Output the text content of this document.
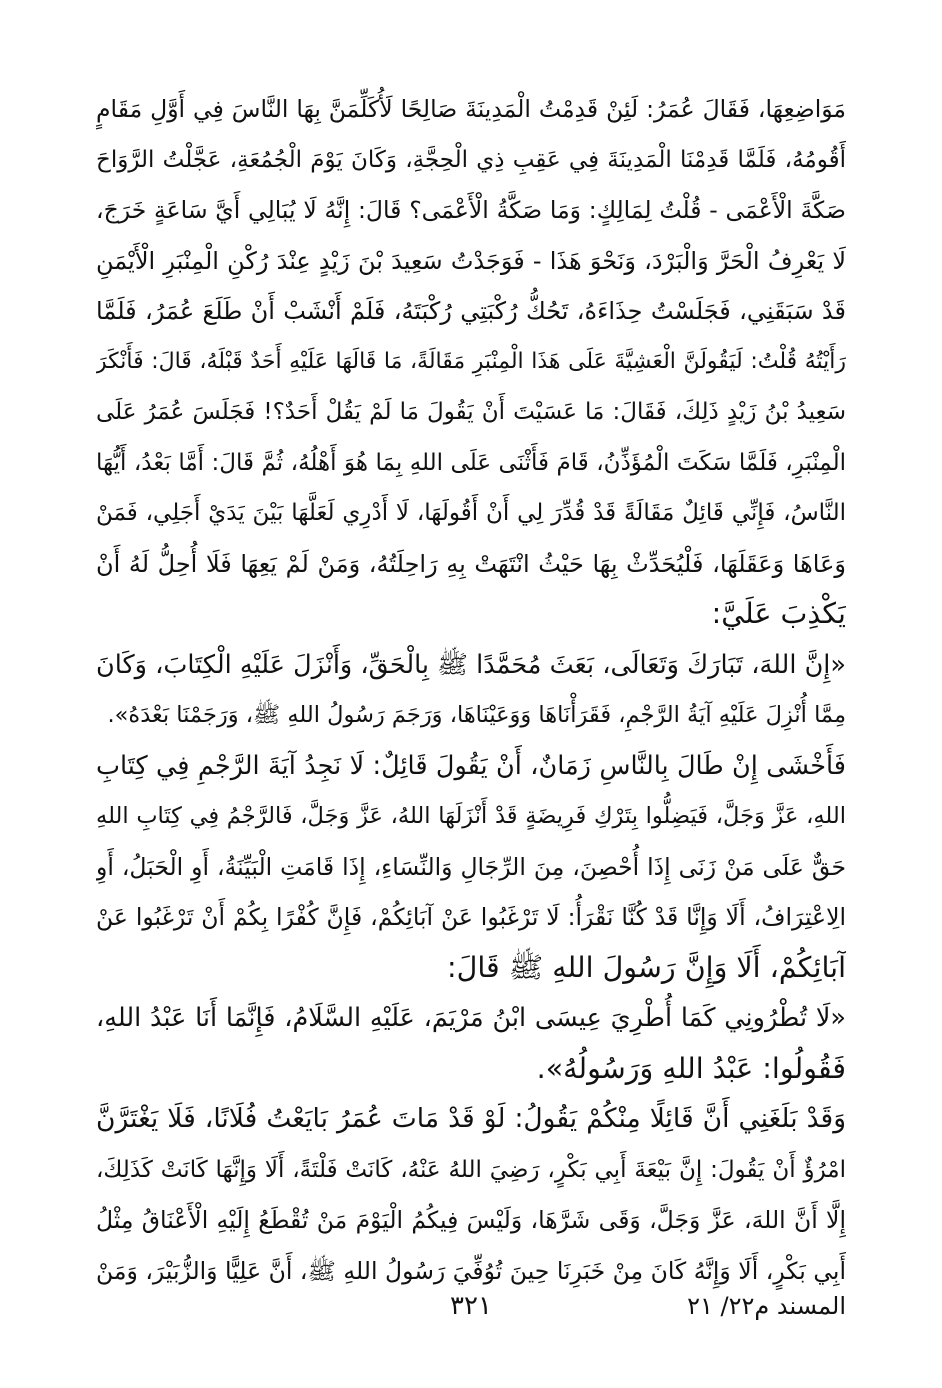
مَوَاضِعِهَا، فَقَالَ عُمَرُ: لَئِنْ قَدِمْتُ الْمَدِينَةَ صَالِحًا لَأُكَلِّمَنَّ بِهَا النَّاسَ فِي أَوَّلِ مَقَامٍ
أَقُومُهُ، فَلَمَّا قَدِمْنَا الْمَدِينَةَ فِي عَقِبِ ذِي الْحِجَّةِ، وَكَانَ يَوْمَ الْجُمُعَةِ، عَجَّلْتُ الرَّوَاحَ
صَكَّةَ الْأَعْمَى - قُلْتُ لِمَالِكٍ: وَمَا صَكَّةُ الْأَعْمَى؟ قَالَ: إِنَّهُ لَا يُبَالِي أَيَّ سَاعَةٍ خَرَجَ،
لَا يَعْرِفُ الْحَرَّ وَالْبَرْدَ، وَنَحْوَ هَذَا - فَوَجَدْتُ سَعِيدَ بْنَ زَيْدٍ عِنْدَ رُكْنِ الْمِنْبَرِ الْأَيْمَنِ
قَدْ سَبَقَنِي، فَجَلَسْتُ حِذَاءَهُ، تَحُكُّ رُكْبَتِي رُكْبَتَهُ، فَلَمْ أَنْشَبْ أَنْ طَلَعَ عُمَرُ، فَلَمَّا
رَأَيْتُهُ قُلْتُ: لَيَقُولَنَّ الْعَشِيَّةَ عَلَى هَذَا الْمِنْبَرِ مَقَالَةً، مَا قَالَهَا عَلَيْهِ أَحَدٌ قَبْلَهُ، قَالَ: فَأَنْكَرَ
سَعِيدُ بْنُ زَيْدٍ ذَلِكَ، فَقَالَ: مَا عَسَيْتَ أَنْ يَقُولَ مَا لَمْ يَقُلْ أَحَدٌ؟! فَجَلَسَ عُمَرُ عَلَى
الْمِنْبَرِ، فَلَمَّا سَكَتَ الْمُؤَذِّنُ، قَامَ فَأَثْنَى عَلَى اللهِ بِمَا هُوَ أَهْلُهُ، ثُمَّ قَالَ: أَمَّا بَعْدُ، أَيُّهَا
النَّاسُ، فَإِنِّي قَائِلٌ مَقَالَةً قَدْ قُدِّرَ لِي أَنْ أَقُولَهَا، لَا أَدْرِي لَعَلَّهَا بَيْنَ يَدَيْ أَجَلِي، فَمَنْ
وَعَاهَا وَعَقَلَهَا، فَلْيُحَدِّثْ بِهَا حَيْثُ انْتَهَتْ بِهِ رَاحِلَتُهُ، وَمَنْ لَمْ يَعِهَا فَلَا أُحِلُّ لَهُ أَنْ
يَكْذِبَ عَلَيَّ:
«إِنَّ اللهَ، تَبَارَكَ وَتَعَالَى، بَعَثَ مُحَمَّدًا ﷺ بِالْحَقِّ، وَأَنْزَلَ عَلَيْهِ الْكِتَابَ، وَكَانَ
مِمَّا أُنْزِلَ عَلَيْهِ آيَةُ الرَّجْمِ، فَقَرَأْنَاهَا وَوَعَيْنَاهَا، وَرَجَمَ رَسُولُ اللهِ ﷺ، وَرَجَمْنَا بَعْدَهُ».
فَأَخْشَى إِنْ طَالَ بِالنَّاسِ زَمَانٌ، أَنْ يَقُولَ قَائِلٌ: لَا نَجِدُ آيَةَ الرَّجْمِ فِي كِتَابِ
اللهِ، عَزَّ وَجَلَّ، فَيَضِلُّوا بِتَرْكِ فَرِيضَةٍ قَدْ أَنْزَلَهَا اللهُ، عَزَّ وَجَلَّ، فَالرَّجْمُ فِي كِتَابِ اللهِ
حَقٌّ عَلَى مَنْ زَنَى إِذَا أُحْصِنَ، مِنَ الرِّجَالِ وَالنِّسَاءِ، إِذَا قَامَتِ الْبَيِّنَةُ، أَوِ الْحَبَلُ، أَوِ
الِاعْتِرَافُ، أَلَا وَإِنَّا قَدْ كُنَّا نَقْرَأُ: لَا تَرْغَبُوا عَنْ آبَائِكُمْ، فَإِنَّ كُفْرًا بِكُمْ أَنْ تَرْغَبُوا عَنْ
آبَائِكُمْ، أَلَا وَإِنَّ رَسُولَ اللهِ ﷺ قَالَ:
«لَا تُطْرُونِي كَمَا أُطْرِيَ عِيسَى ابْنُ مَرْيَمَ، عَلَيْهِ السَّلَامُ، فَإِنَّمَا أَنَا عَبْدُ اللهِ،
فَقُولُوا: عَبْدُ اللهِ وَرَسُولُهُ».
وَقَدْ بَلَغَنِي أَنَّ قَائِلًا مِنْكُمْ يَقُولُ: لَوْ قَدْ مَاتَ عُمَرُ بَايَعْتُ فُلَانًا، فَلَا يَغْتَرَّنَّ
امْرُؤٌ أَنْ يَقُولَ: إِنَّ بَيْعَةَ أَبِي بَكْرٍ، رَضِيَ اللهُ عَنْهُ، كَانَتْ فَلْتَةً، أَلَا وَإِنَّهَا كَانَتْ كَذَلِكَ،
إِلَّا أَنَّ اللهَ، عَزَّ وَجَلَّ، وَقَى شَرَّهَا، وَلَيْسَ فِيكُمُ الْيَوْمَ مَنْ تُقْطَعُ إِلَيْهِ الْأَعْنَاقُ مِثْلُ
أَبِي بَكْرٍ، أَلَا وَإِنَّهُ كَانَ مِنْ خَبَرِنَا حِينَ تُوُفِّيَ رَسُولُ اللهِ ﷺ، أَنَّ عَلِيًّا وَالزُّبَيْرَ، وَمَنْ
المسند م٢٢/ ٢١
٣٢١
